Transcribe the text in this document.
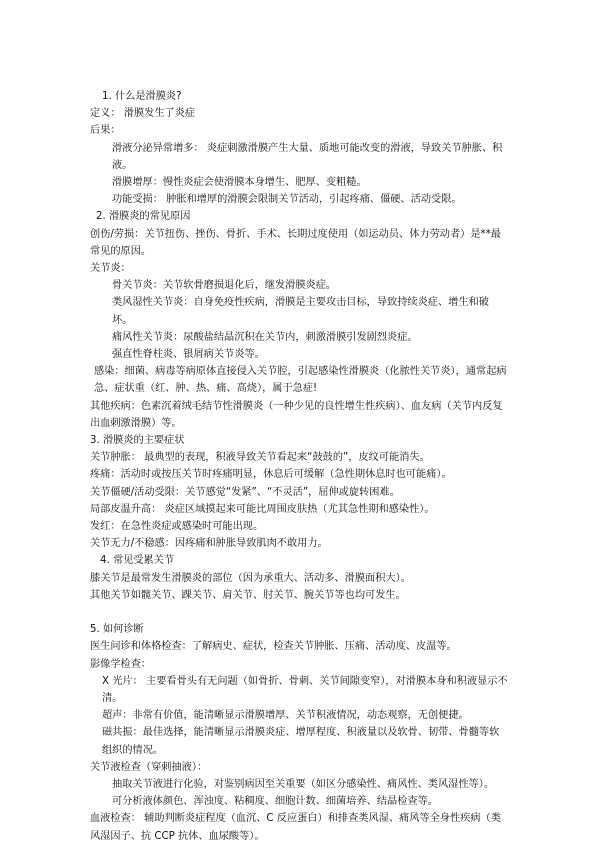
1. 什么是滑膜炎?

定义： 滑膜发生了炎症

后果：

滑液分泌异常增多： 炎症刺激滑膜产生大量、质地可能改变的滑液，导致关节肿胀、积液。

滑膜增厚：慢性炎症会使滑膜本身增生、肥厚、变粗糙。

功能受损： 肿胀和增厚的滑膜会限制关节活动，引起疼痛、僵硬、活动受限。

2. 滑膜炎的常见原因

创伤/劳损：关节扭伤、挫伤、骨折、手术、长期过度使用（如运动员、体力劳动者）是**最常见的原因。

关节炎：

骨关节炎：关节软骨磨损退化后，继发滑膜炎症。

类风湿性关节炎：自身免疫性疾病，滑膜是主要攻击目标，导致持续炎症、增生和破坏。

痛风性关节炎：尿酸盐结晶沉积在关节内，刺激滑膜引发剧烈炎症。

强直性脊柱炎、银屑病关节炎等。

感染：细菌、病毒等病原体直接侵入关节腔，引起感染性滑膜炎（化脓性关节炎），通常起病急、症状重（红、肿、热、痛、高烧），属于急症!

其他疾病：色素沉着绒毛结节性滑膜炎（一种少见的良性增生性疾病）、血友病（关节内反复出血刺激滑膜）等。

3. 滑膜炎的主要症状

关节肿胀： 最典型的表现，积液导致关节看起来“鼓鼓的”，皮纹可能消失。

疼痛：活动时或按压关节时疼痛明显，休息后可缓解（急性期休息时也可能痛）。

关节僵硬/活动受限：关节感觉“发紧”、“不灵活”，屈伸或旋转困难。

局部皮温升高： 炎症区域摸起来可能比周围皮肤热（尤其急性期和感染性）。

发红：在急性炎症或感染时可能出现。

关节无力/不稳感：因疼痛和肿胀导致肌肉不敢用力。

4. 常见受累关节

膝关节是最常发生滑膜炎的部位（因为承重大、活动多、滑膜面积大）。

其他关节如髋关节、踝关节、肩关节、肘关节、腕关节等也均可发生。

5. 如何诊断

医生问诊和体格检查：了解病史、症状，检查关节肿胀、压痛、活动度、皮温等。

影像学检查：

X 光片： 主要看骨头有无问题（如骨折、骨刺、关节间隙变窄），对滑膜本身和积液显示不清。

超声：非常有价值，能清晰显示滑膜增厚、关节积液情况，动态观察，无创便捷。

磁共振：最佳选择，能清晰显示滑膜炎症、增厚程度、积液量以及软骨、韧带、骨髓等软组织的情况。

关节液检查（穿刺抽液）：

抽取关节液进行化验，对鉴别病因至关重要（如区分感染性、痛风性、类风湿性等）。

可分析液体颜色、浑浊度、粘稠度、细胞计数、细菌培养、结晶检查等。

血液检查： 辅助判断炎症程度（血沉、C 反应蛋白）和排查类风湿、痛风等全身性疾病（类风湿因子、抗 CCP 抗体、血尿酸等）。
